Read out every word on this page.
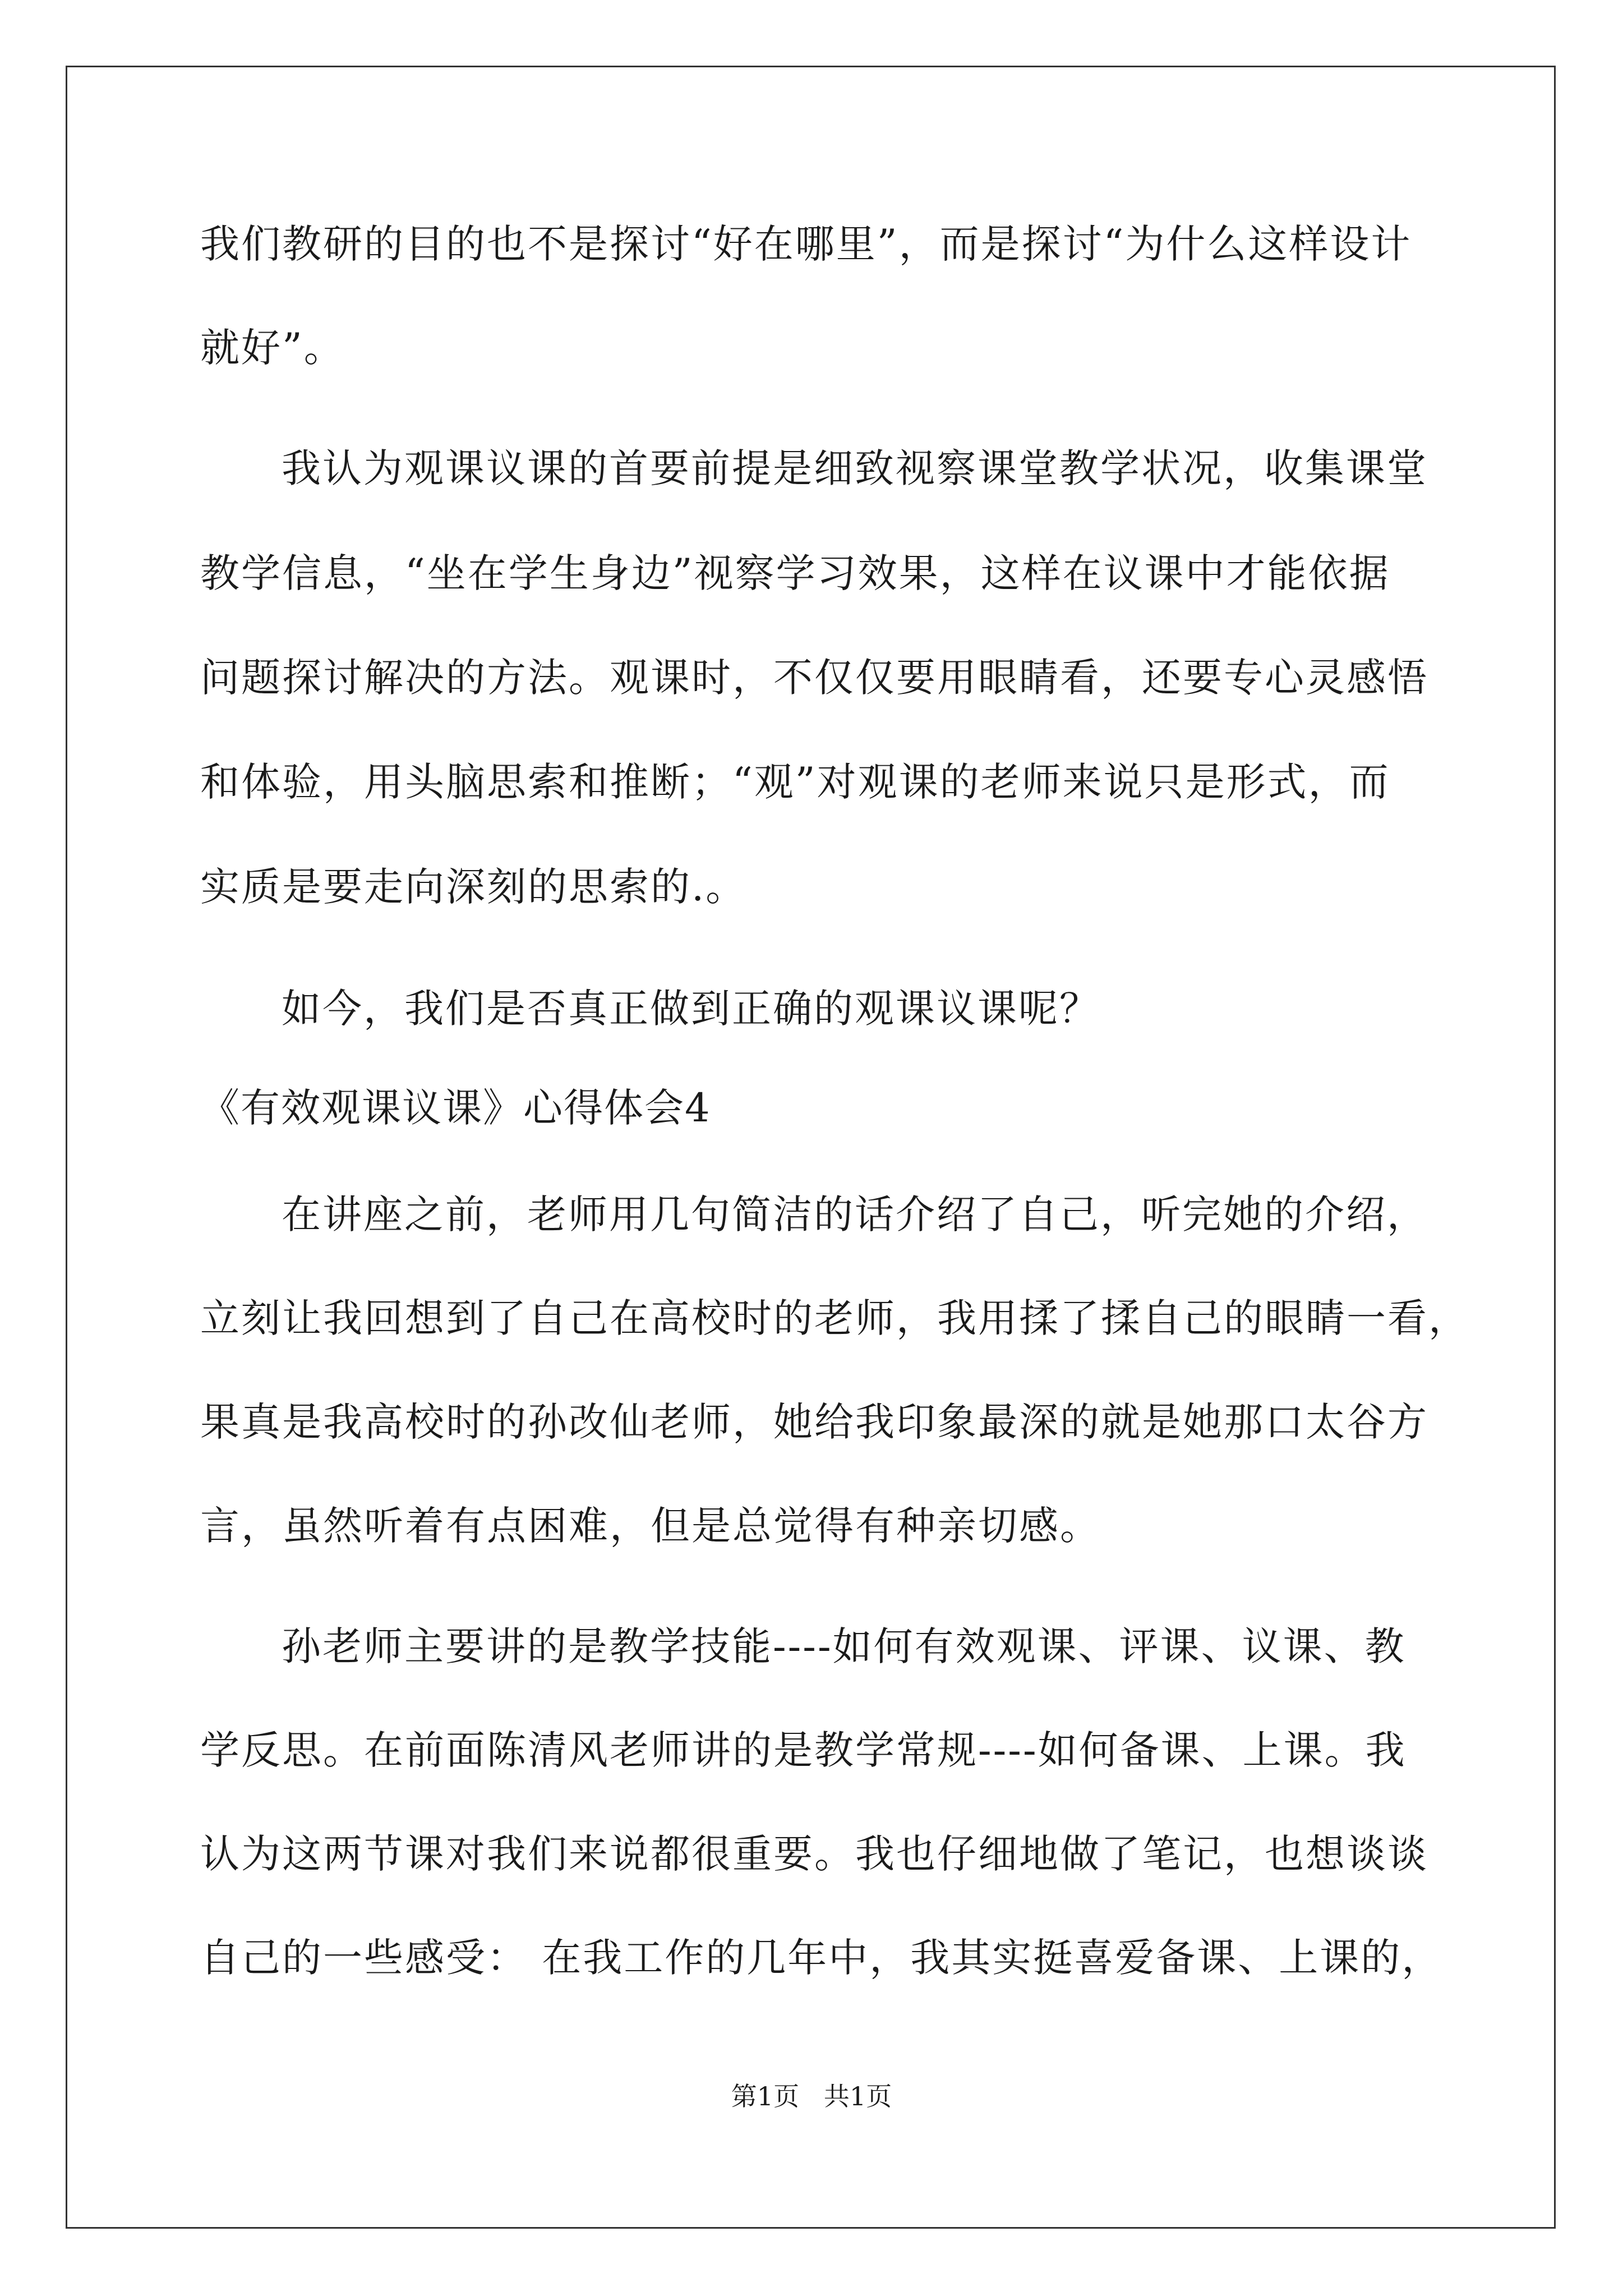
我们教研的目的也不是探讨“好在哪里”，而是探讨“为什么这样设计
就好”。
我认为观课议课的首要前提是细致视察课堂教学状况，收集课堂
教学信息，“坐在学生身边”视察学习效果，这样在议课中才能依据
问题探讨解决的方法。观课时，不仅仅要用眼睛看，还要专心灵感悟
和体验，用头脑思索和推断；“观”对观课的老师来说只是形式，而
实质是要走向深刻的思索的.。
如今，我们是否真正做到正确的观课议课呢？
《有效观课议课》心得体会4
在讲座之前，老师用几句简洁的话介绍了自己，听完她的介绍，
立刻让我回想到了自己在高校时的老师，我用揉了揉自己的眼睛一看，
果真是我高校时的孙改仙老师，她给我印象最深的就是她那口太谷方
言，虽然听着有点困难，但是总觉得有种亲切感。
孙老师主要讲的是教学技能----如何有效观课、评课、议课、教
学反思。在前面陈清风老师讲的是教学常规----如何备课、上课。我
认为这两节课对我们来说都很重要。我也仔细地做了笔记，也想谈谈
自己的一些感受： 在我工作的几年中，我其实挺喜爱备课、上课的，
第1页   共1页
